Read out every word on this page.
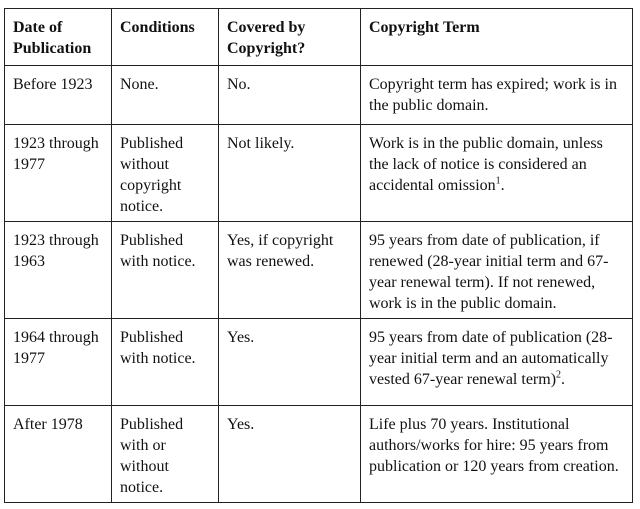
Date of Publication	Conditions	Covered by Copyright?	Copyright Term
Before 1923	None.	No.	Copyright term has expired; work is in the public domain.
1923 through 1977	Published without copyright notice.	Not likely.	Work is in the public domain, unless the lack of notice is considered an accidental omission$^1$.
1923 through 1963	Published with notice.	Yes, if copyright was renewed.	95 years from date of publication, if renewed (28-year initial term and 67-year renewal term). If not renewed, work is in the public domain.
1964 through 1977	Published with notice.	Yes.	95 years from date of publication (28-year initial term and an automatically vested 67-year renewal term)$^2$.
After 1978	Published with or without notice.	Yes.	Life plus 70 years. Institutional authors/works for hire: 95 years from publication or 120 years from creation.
